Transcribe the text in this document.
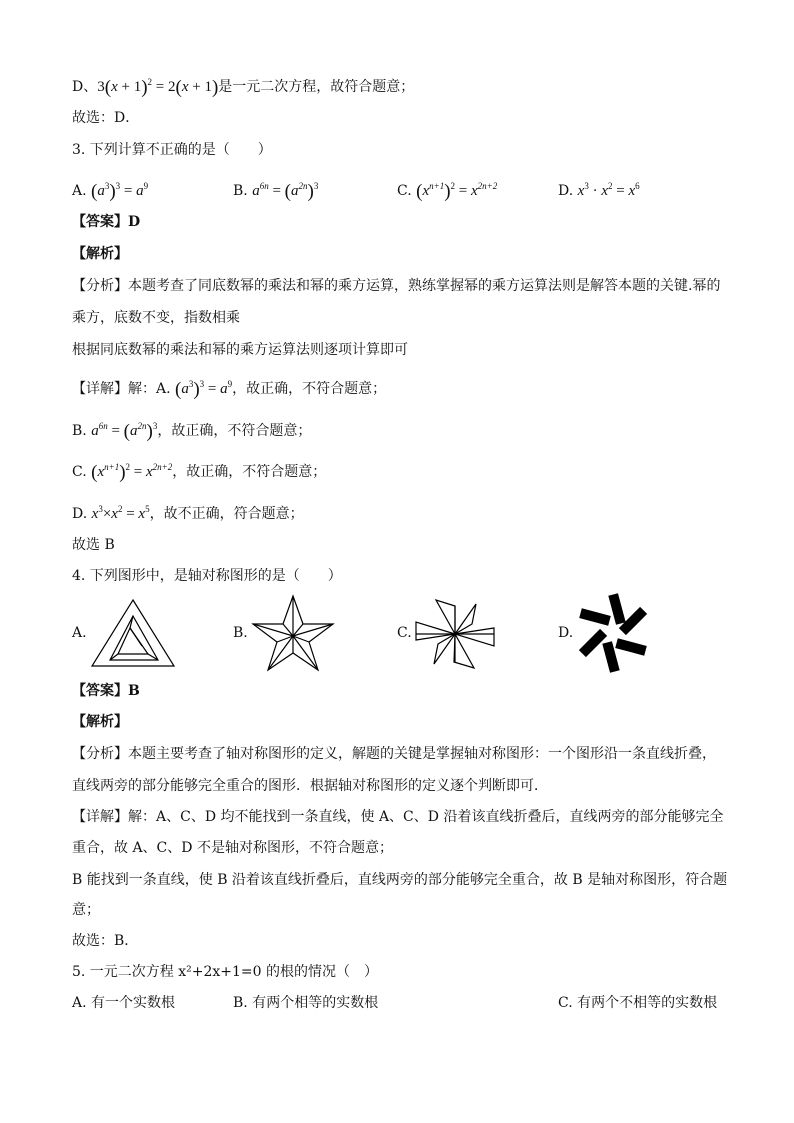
D、$3(x + 1)^2 = 2(x + 1)$是一元二次方程，故符合题意；
故选：D．
3. 下列计算不正确的是（　　）
A. $(a^3)^3 = a^9$	B. $a^{6n} = (a^{2n})^3$	C. $(x^{n+1})^2 = x^{2n+2}$	D. $x^3 \cdot x^2 = x^6$
【答案】D
【解析】
【分析】本题考查了同底数幂的乘法和幂的乘方运算，熟练掌握幂的乘方运算法则是解答本题的关键.幂的
乘方，底数不变，指数相乘
根据同底数幂的乘法和幂的乘方运算法则逐项计算即可
【详解】解：A. $(a^3)^3 = a^9$，故正确，不符合题意；
B. $a^{6n} = (a^{2n})^3$，故正确，不符合题意；
C. $(x^{n+1})^2 = x^{2n+2}$，故正确，不符合题意；
D. $x^3\times x^2 = x^5$，故不正确，符合题意；
故选 B
4. 下列图形中，是轴对称图形的是（　　）
A.	B.	C.	D.
【答案】B
【解析】
【分析】本题主要考查了轴对称图形的定义，解题的关键是掌握轴对称图形：一个图形沿一条直线折叠，
直线两旁的部分能够完全重合的图形．根据轴对称图形的定义逐个判断即可．
【详解】解：A、C、D 均不能找到一条直线，使 A、C、D 沿着该直线折叠后，直线两旁的部分能够完全
重合，故 A、C、D 不是轴对称图形，不符合题意；
B 能找到一条直线，使 B 沿着该直线折叠后，直线两旁的部分能够完全重合，故 B 是轴对称图形，符合题
意；
故选：B．
5. 一元二次方程 x²+2x+1=0 的根的情况（　）
A. 有一个实数根	B. 有两个相等的实数根	C. 有两个不相等的实数根
